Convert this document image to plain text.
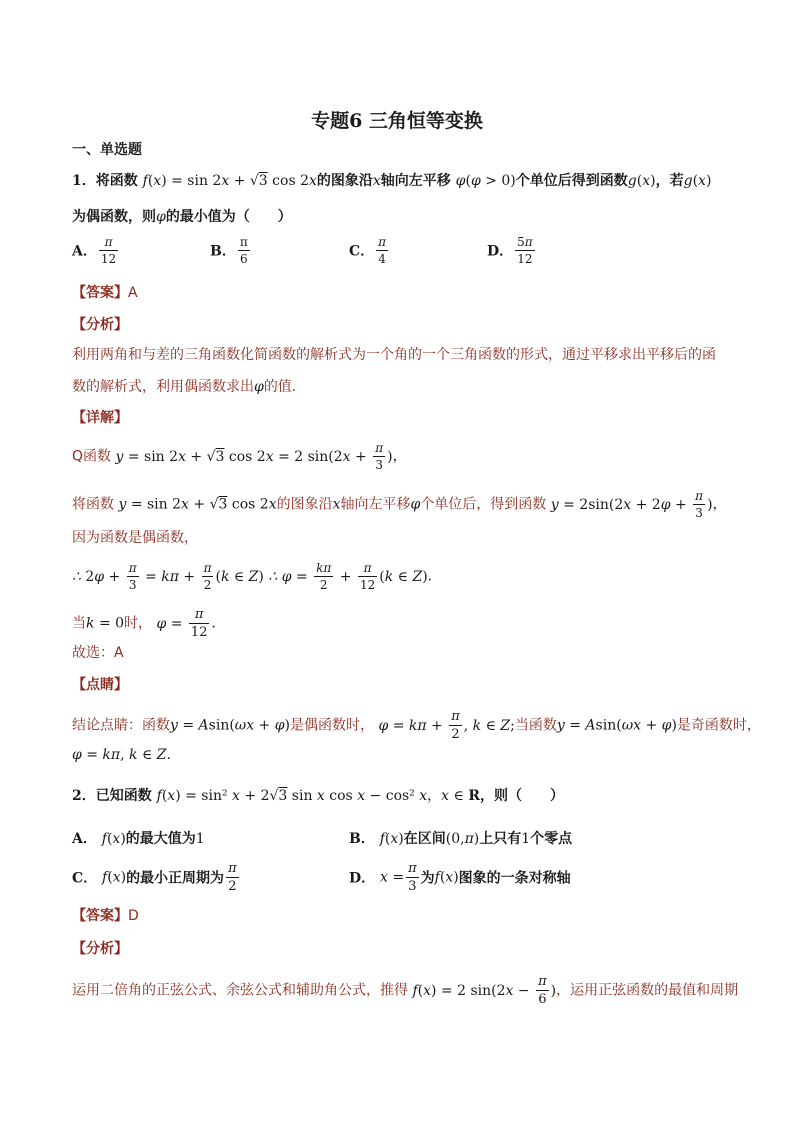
专题6 三角恒等变换
一、单选题
1．将函数 f(x) = sin 2x + √3 cos 2x的图象沿x轴向左平移 φ(φ > 0)个单位后得到函数g(x)，若g(x)
为偶函数，则φ的最小值为（　　）
A． $\frac{\pi}{12}$	B． $\frac{\pi}{6}$	C． $\frac{\pi}{4}$	D． $\frac{5\pi}{12}$
【答案】A
【分析】
利用两角和与差的三角函数化简函数的解析式为一个角的一个三角函数的形式，通过平移求出平移后的函
数的解析式，利用偶函数求出φ的值．
【详解】
Q函数 y = sin 2x + √3 cos 2x = 2 $\sin(2x + \frac{\pi}{3}$ )，
将函数 y = sin 2x + √3 cos 2x的图象沿x轴向左平移φ个单位后，得到函数 $y = 2\sin(2x + 2\varphi + \frac{\pi}{3}$ )，
因为函数是偶函数，
∴ $2\varphi + \frac{\pi}{3} = k\pi + \frac{\pi}{2} (k$ ∈ Z) ∴ $\varphi = \frac{k\pi}{2} + \frac{\pi}{12} (k$ ∈ Z)．
当k = 0时， $\varphi = \frac{\pi}{12}$ ．
故选：A
【点睛】
结论点睛：函数y = Asin(ωx + φ)是偶函数时， $\varphi = k\pi + \frac{\pi}{2}$ , k ∈ Z;当函数y = Asin(ωx + φ)是奇函数时，
φ = kπ, k ∈ Z.
2．已知函数 f(x) = sin² x + 2√3 sin x cos x − cos² x，x ∈ R，则（　　）
A． f(x)的最大值为1	B． f(x)在区间(0,π)上只有1个零点
C． f(x)的最小正周期为 $\frac{\pi}{2}$	D． $x = \frac{\pi}{3}$ 为f(x)图象的一条对称轴
【答案】D
【分析】
运用二倍角的正弦公式、余弦公式和辅助角公式，推得 f(x) = 2 $\sin(2x - \frac{\pi}{6}$ )，运用正弦函数的最值和周期
